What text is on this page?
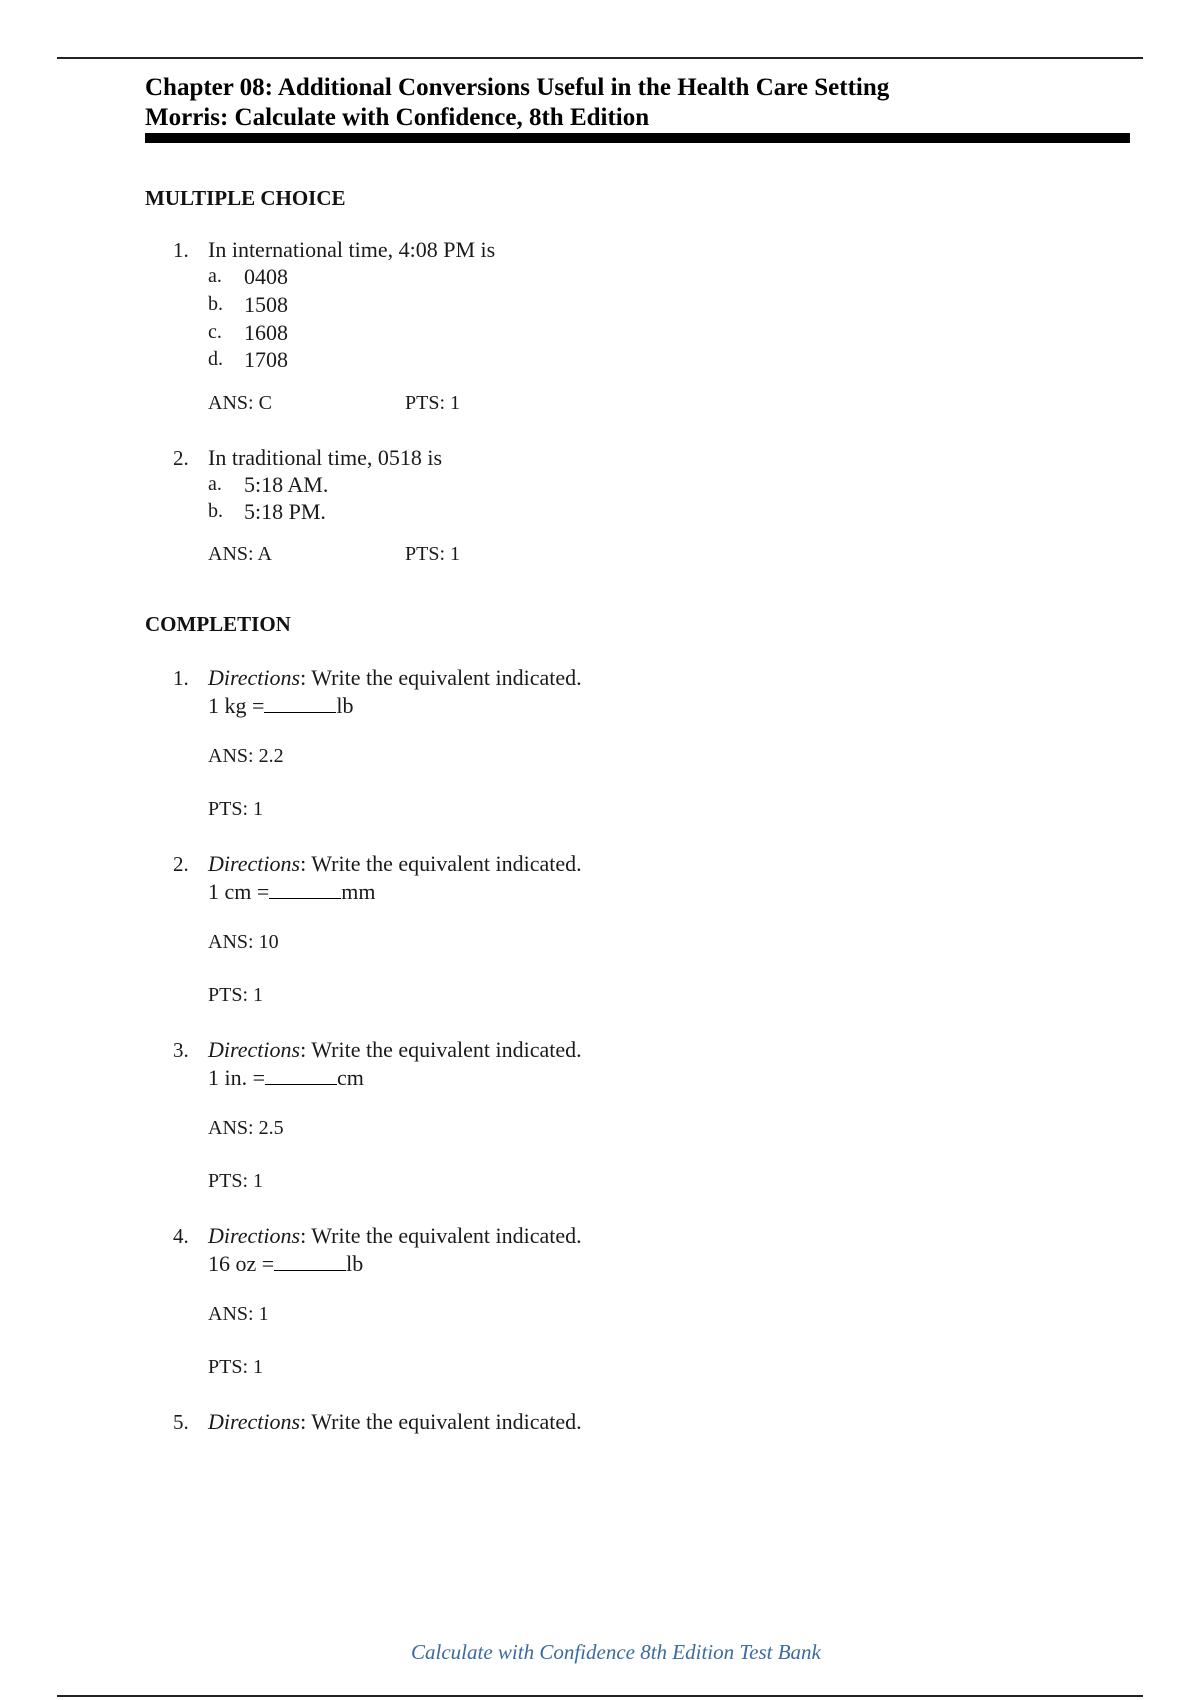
Chapter 08: Additional Conversions Useful in the Health Care Setting
Morris: Calculate with Confidence, 8th Edition
MULTIPLE CHOICE
1. In international time, 4:08 PM is
a. 0408
b. 1508
c. 1608
d. 1708
ANS: C	PTS: 1
2. In traditional time, 0518 is
a. 5:18 AM.
b. 5:18 PM.
ANS: A	PTS: 1
COMPLETION
1. Directions: Write the equivalent indicated.
1 kg =	lb
ANS: 2.2
PTS: 1
2. Directions: Write the equivalent indicated.
1 cm =	mm
ANS: 10
PTS: 1
3. Directions: Write the equivalent indicated.
1 in. =	cm
ANS: 2.5
PTS: 1
4. Directions: Write the equivalent indicated.
16 oz =	lb
ANS: 1
PTS: 1
5. Directions: Write the equivalent indicated.
Calculate with Confidence 8th Edition Test Bank
